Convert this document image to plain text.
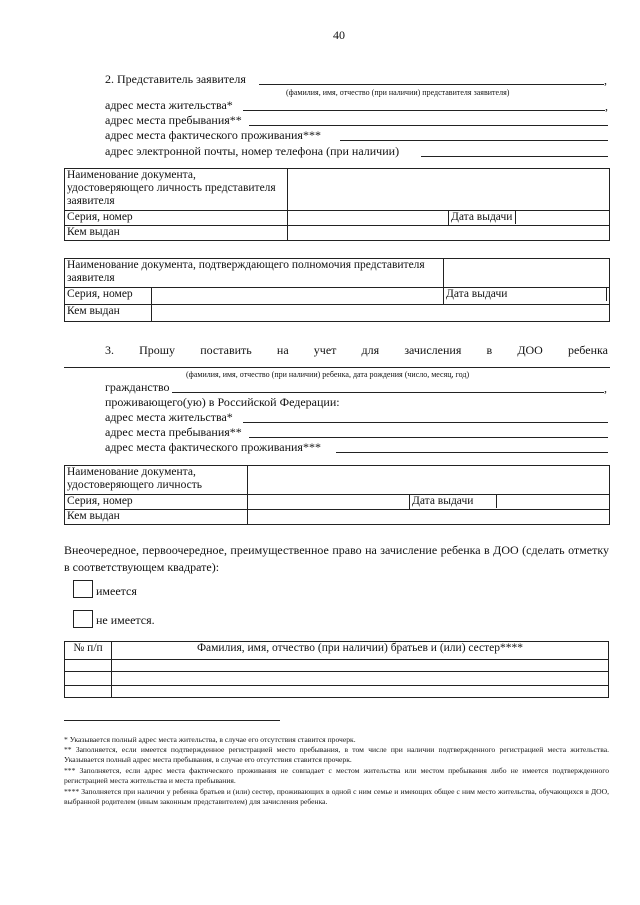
40
2. Представитель заявителя	,
(фамилия, имя, отчество (при наличии) представителя заявителя)
адрес места жительства*	,
адрес места пребывания**
адрес места фактического проживания***
адрес электронной почты, номер телефона (при наличии)
Наименование документа, удостоверяющего личность представителя заявителя		
Серия, номер		Дата выдачи
Кем выдан		
Наименование документа, подтверждающего полномочия представителя заявителя		
Серия, номер		Дата выдачи
Кем выдан		
3. Прошу поставить на учет для зачисления в ДОО ребенка
(фамилия, имя, отчество (при наличии) ребенка, дата рождения (число, месяц, год)
гражданство	,
проживающего(ую) в Российской Федерации:
адрес места жительства*
адрес места пребывания**
адрес места фактического проживания***
Наименование документа, удостоверяющего личность		
Серия, номер		Дата выдачи
Кем выдан		
Внеочередное, первоочередное, преимущественное право на зачисление ребенка в ДОО (сделать отметку в соответствующем квадрате):
имеется
не имеется.
№ п/п	Фамилия, имя, отчество (при наличии) братьев и (или) сестер****

* Указывается полный адрес места жительства, в случае его отсутствия ставится прочерк.
** Заполняется, если имеется подтвержденное регистрацией место пребывания, в том числе при наличии подтвержденного регистрацией места жительства. Указывается полный адрес места пребывания, в случае его отсутствия ставится прочерк.
*** Заполняется, если адрес места фактического проживания не совпадает с местом жительства или местом пребывания либо не имеется подтвержденного регистрацией места жительства и места пребывания.
**** Заполняется при наличии у ребенка братьев и (или) сестер, проживающих в одной с ним семье и имеющих общее с ним место жительства, обучающихся в ДОО, выбранной родителем (иным законным представителем) для зачисления ребенка.
